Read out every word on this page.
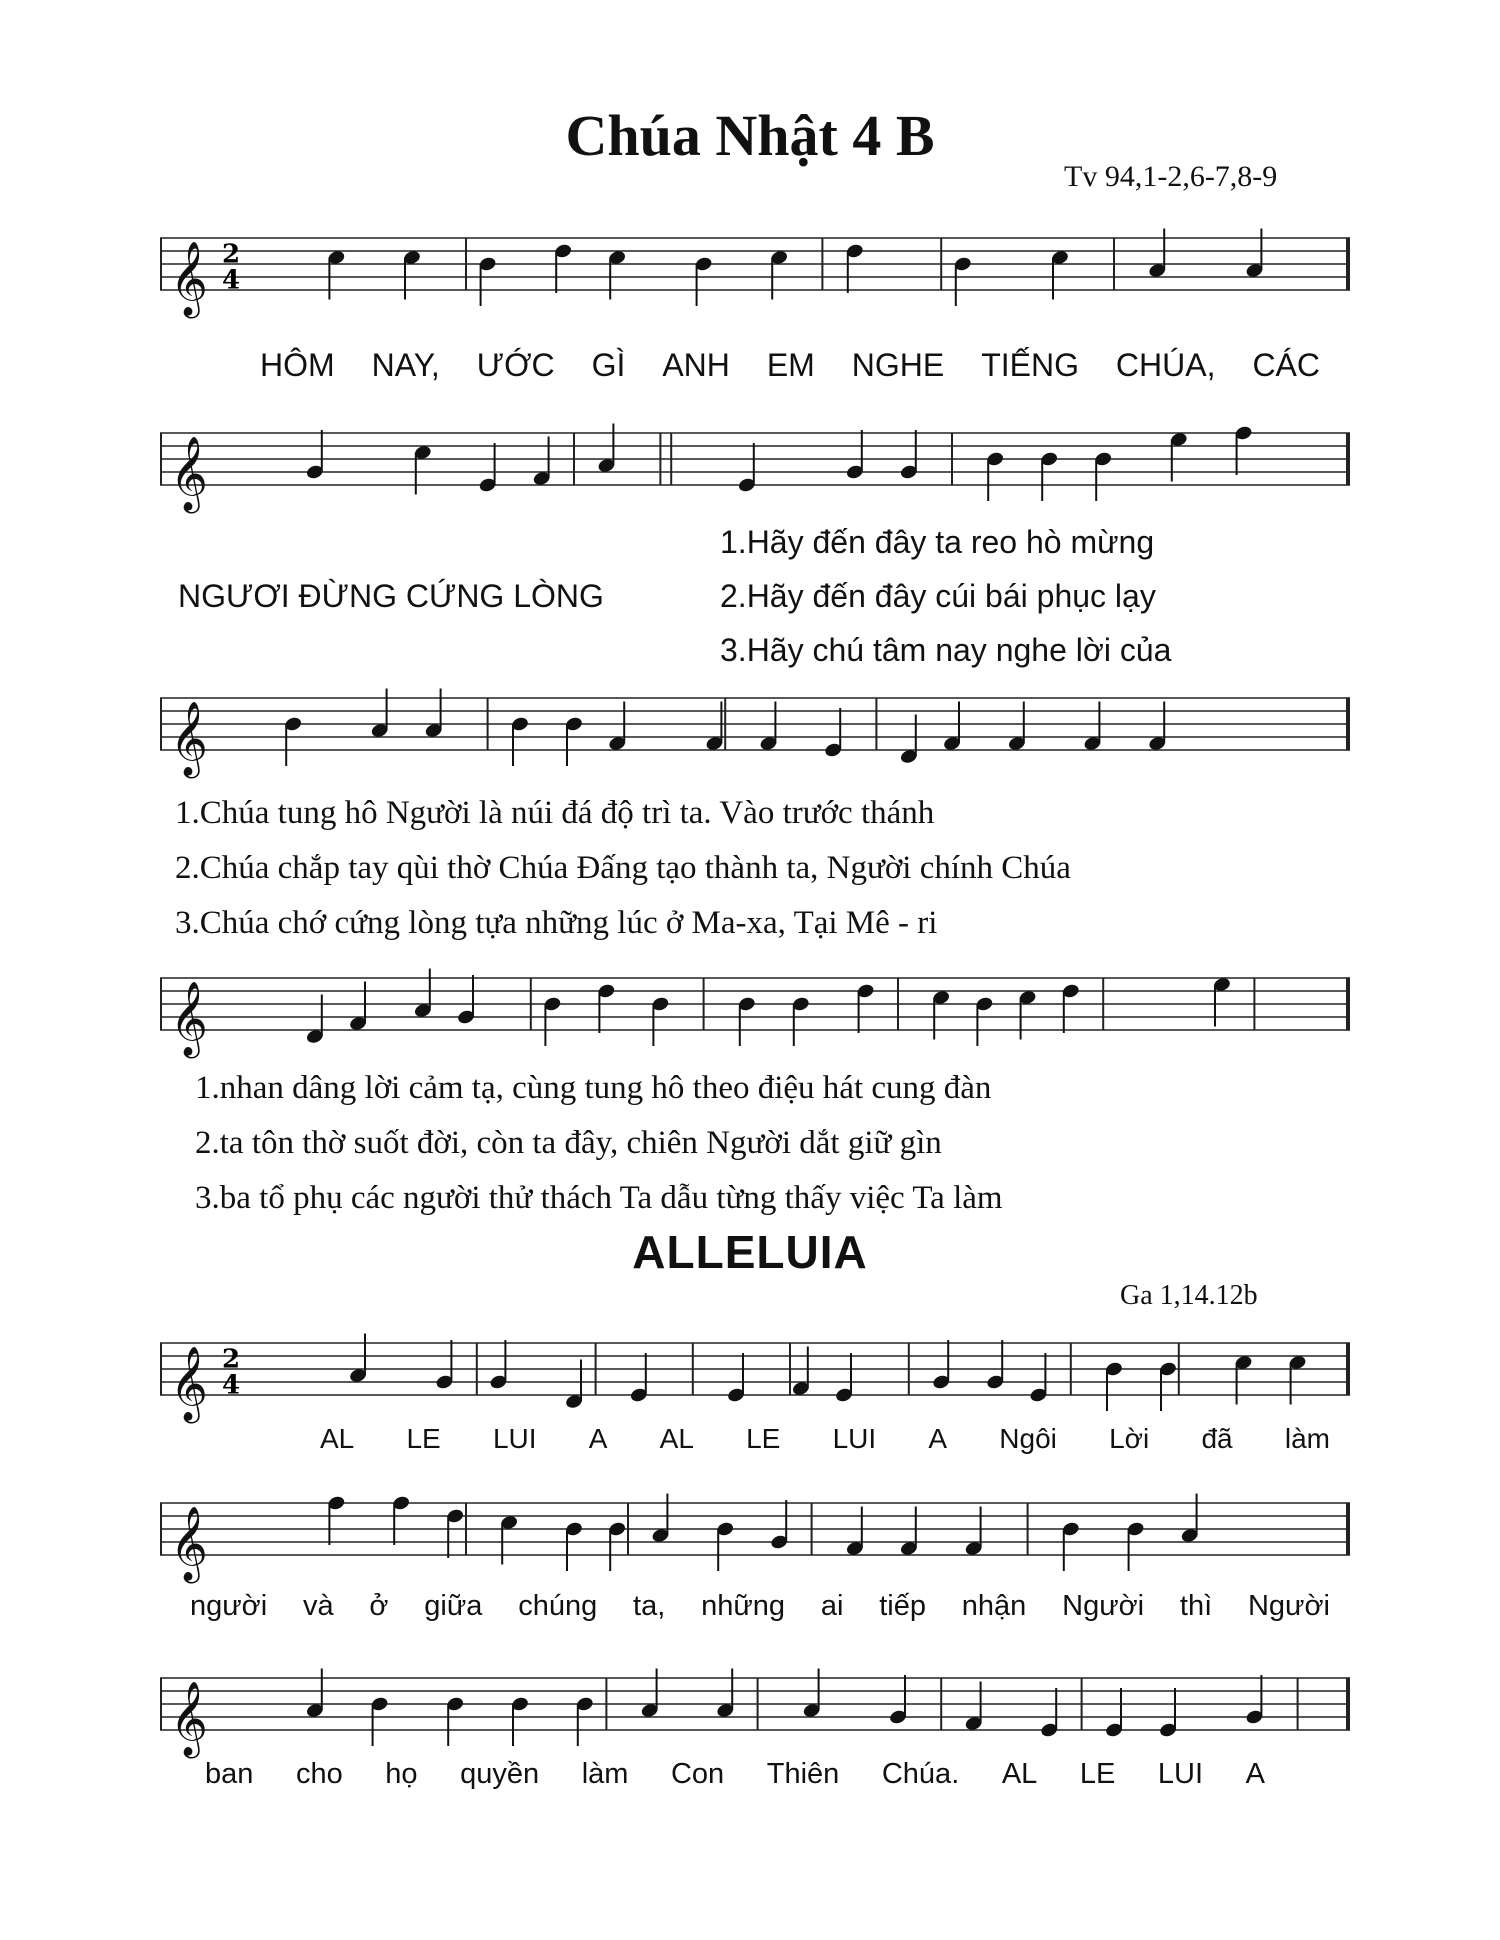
Chúa Nhật 4 B
Tv 94,1-2,6-7,8-9
𝄞 2
4
HÔM NAY, ƯỚC GÌ ANH EM NGHE TIẾNG CHÚA, CÁC
𝄞
1.Hãy đến đây ta reo hò mừng
NGƯƠI ĐỪNG CỨNG LÒNG	2.Hãy đến đây cúi bái phục lạy
3.Hãy chú tâm nay nghe lời của
𝄞
1.Chúa tung hô Người là núi đá độ trì ta. Vào trước thánh
2.Chúa chắp tay qùi thờ Chúa Đấng tạo thành ta, Người chính Chúa
3.Chúa chớ cứng lòng tựa những lúc ở Ma-xa, Tại Mê - ri
𝄞
1.nhan dâng lời cảm tạ, cùng tung hô theo điệu hát cung đàn
2.ta tôn thờ suốt đời, còn ta đây, chiên Người dắt giữ gìn
3.ba tổ phụ các người thử thách Ta dẫu từng thấy việc Ta làm
ALLELUIA
Ga 1,14.12b
𝄞 2
4
AL LE LUI A AL LE LUI A Ngôi Lời đã làm
𝄞
người và ở giữa chúng ta, những ai tiếp nhận Người thì Người
𝄞
ban cho họ quyền làm Con Thiên Chúa. AL LE LUI A
